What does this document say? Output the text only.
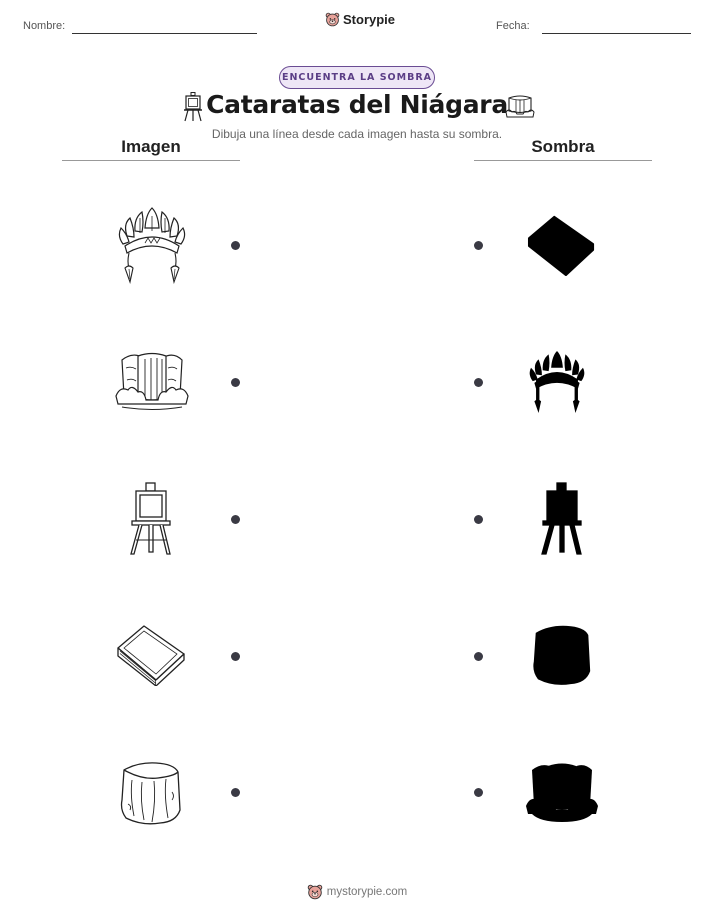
Nombre:	Storypie	Fecha:
ENCUENTRA LA SOMBRA
Cataratas del Niágara
Dibuja una línea desde cada imagen hasta su sombra.
Imagen	Sombra
mystorypie.com
